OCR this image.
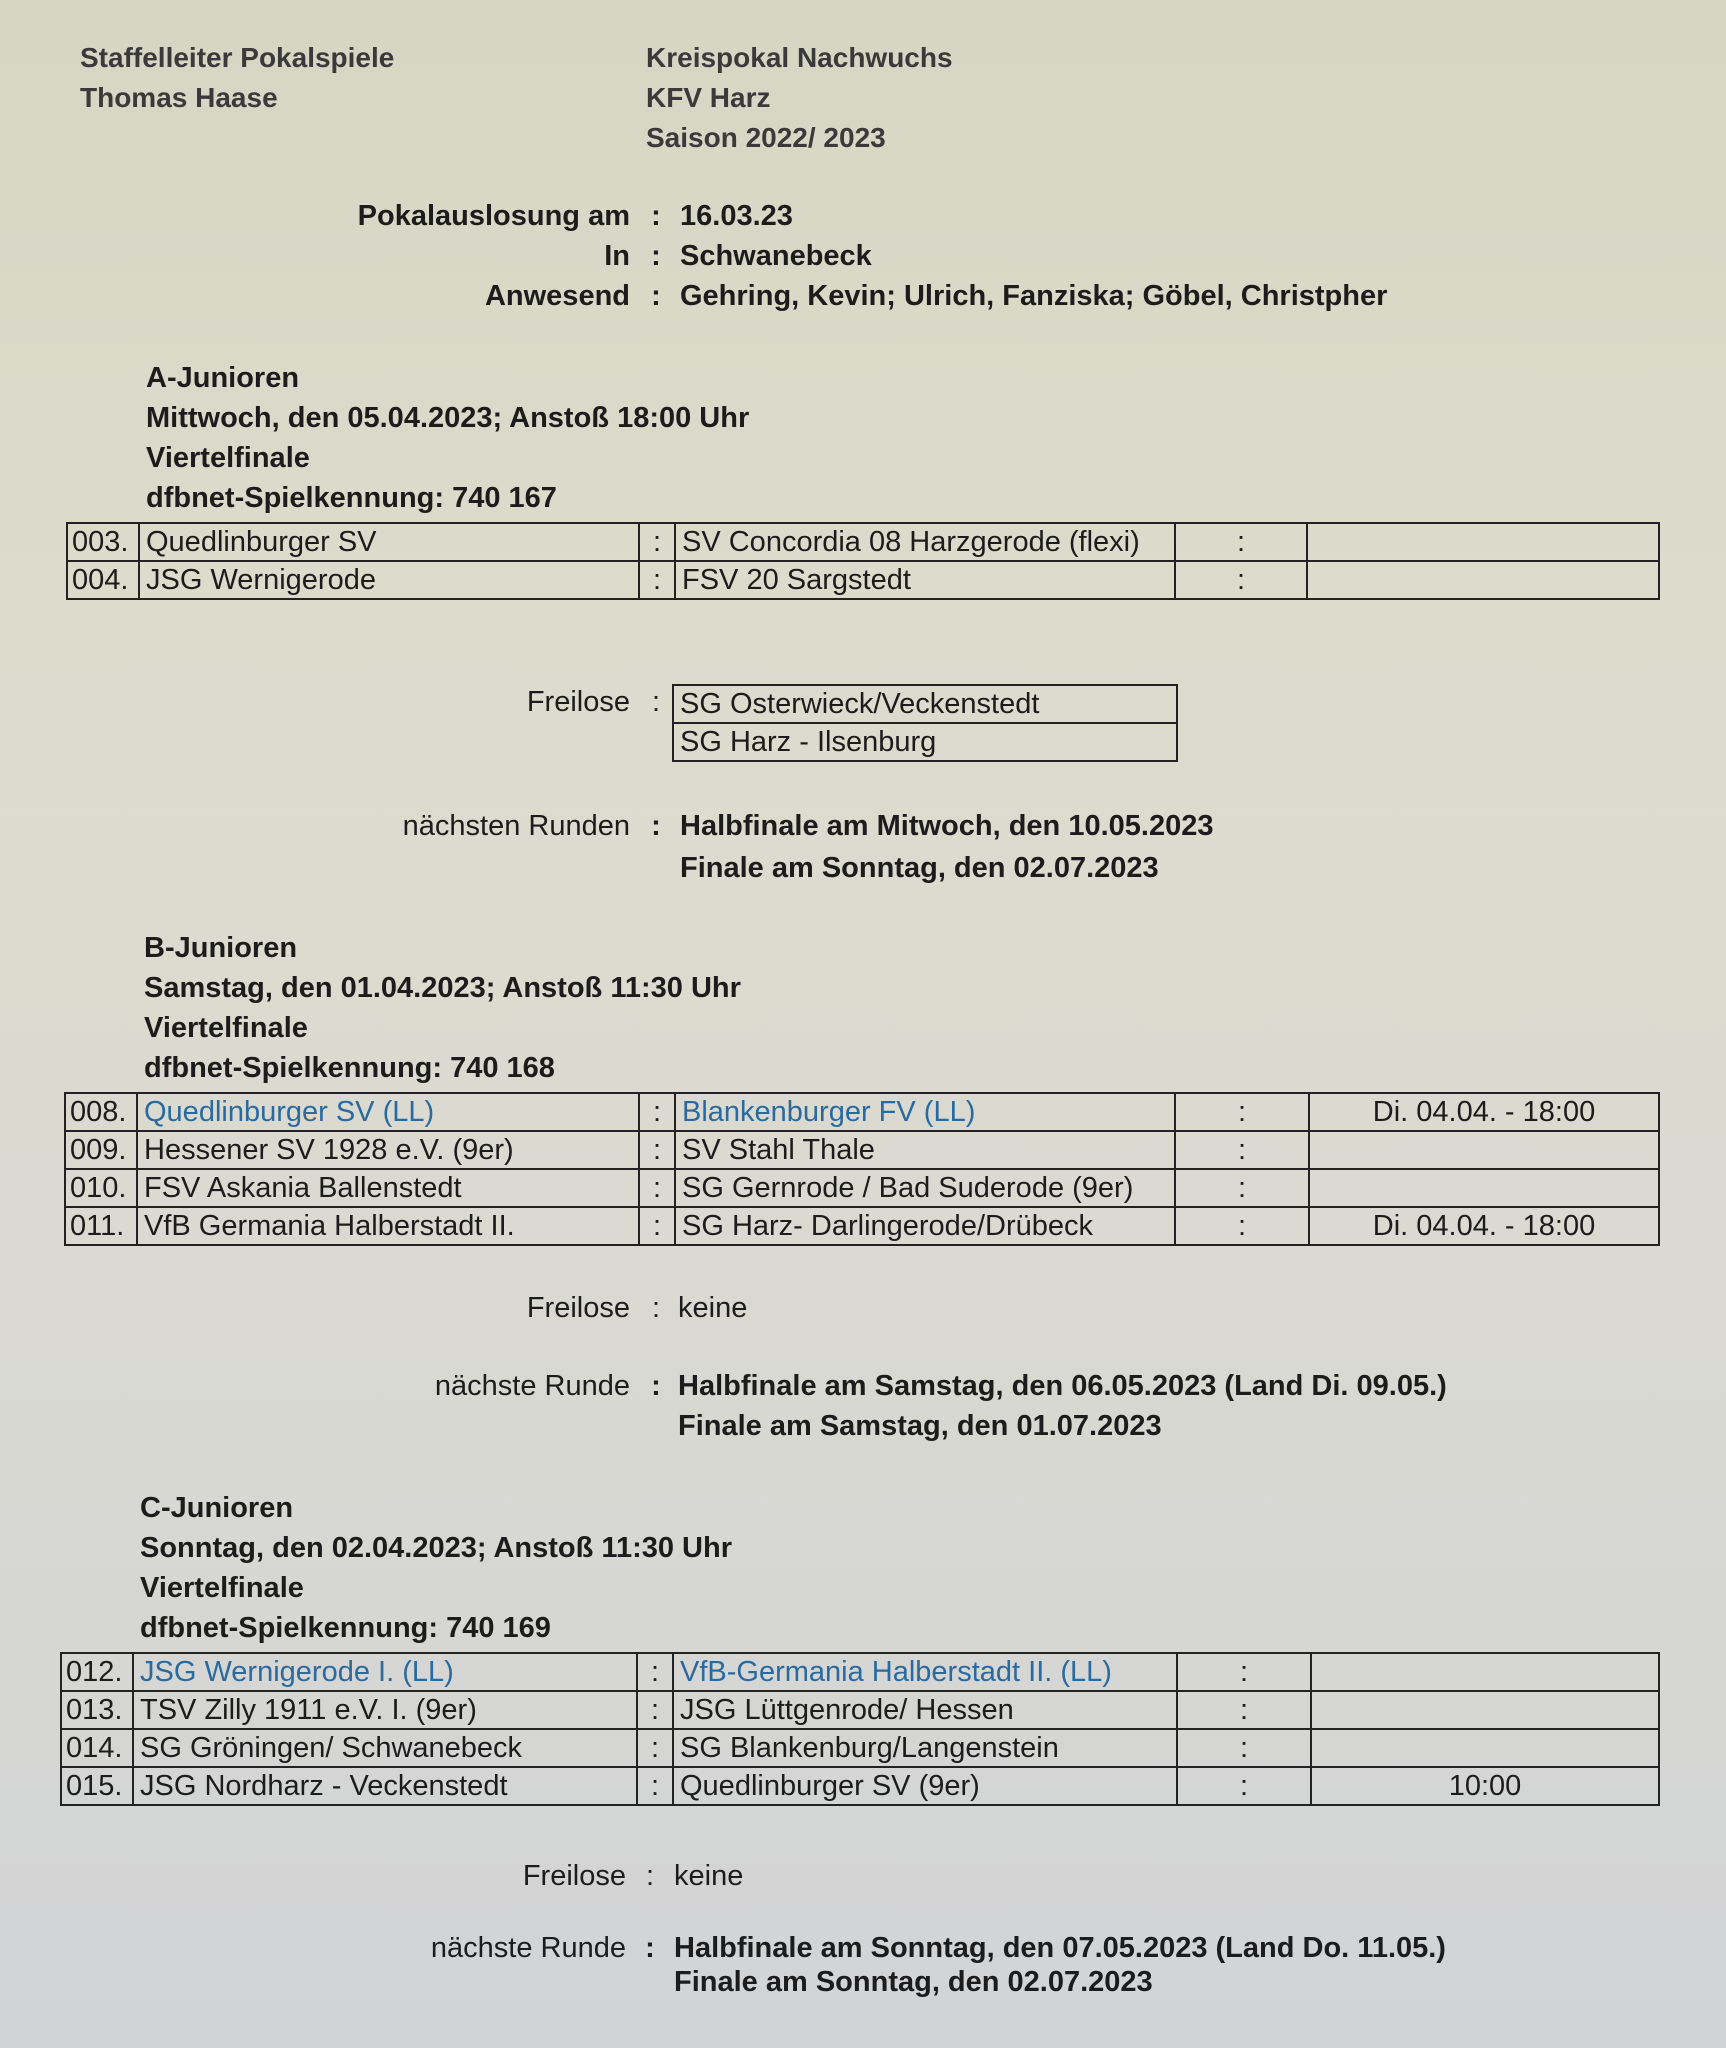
Staffelleiter Pokalspiele
Thomas Haase
Kreispokal Nachwuchs
KFV Harz
Saison 2022/ 2023
Pokalauslosung am : 16.03.23
In : Schwanebeck
Anwesend : Gehring, Kevin; Ulrich, Fanziska; Göbel, Christpher
A-Junioren
Mittwoch, den 05.04.2023; Anstoß 18:00 Uhr
Viertelfinale
dfbnet-Spielkennung: 740 167
003.	Quedlinburger SV	:	SV Concordia 08 Harzgerode (flexi)	:	
004.	JSG Wernigerode	:	FSV 20 Sargstedt	:	
Freilose : SG Osterwieck/Veckenstedt
SG Harz - Ilsenburg
nächsten Runden : Halbfinale am Mitwoch, den 10.05.2023
Finale am Sonntag, den 02.07.2023
B-Junioren
Samstag, den 01.04.2023; Anstoß 11:30 Uhr
Viertelfinale
dfbnet-Spielkennung: 740 168
008.	Quedlinburger SV (LL)	:	Blankenburger FV (LL)	:	Di. 04.04. - 18:00
009.	Hessener SV 1928 e.V. (9er)	:	SV Stahl Thale	:	
010.	FSV Askania Ballenstedt	:	SG Gernrode / Bad Suderode (9er)	:	
011.	VfB Germania Halberstadt II.	:	SG Harz- Darlingerode/Drübeck	:	Di. 04.04. - 18:00
Freilose : keine
nächste Runde : Halbfinale am Samstag, den 06.05.2023 (Land Di. 09.05.)
Finale am Samstag, den 01.07.2023
C-Junioren
Sonntag, den 02.04.2023; Anstoß 11:30 Uhr
Viertelfinale
dfbnet-Spielkennung: 740 169
012.	JSG Wernigerode I. (LL)	:	VfB-Germania Halberstadt II. (LL)	:	
013.	TSV Zilly 1911 e.V. I. (9er)	:	JSG Lüttgenrode/ Hessen	:	
014.	SG Gröningen/ Schwanebeck	:	SG Blankenburg/Langenstein	:	
015.	JSG Nordharz - Veckenstedt	:	Quedlinburger SV (9er)	:	10:00
Freilose : keine
nächste Runde : Halbfinale am Sonntag, den 07.05.2023 (Land Do. 11.05.)
Finale am Sonntag, den 02.07.2023
